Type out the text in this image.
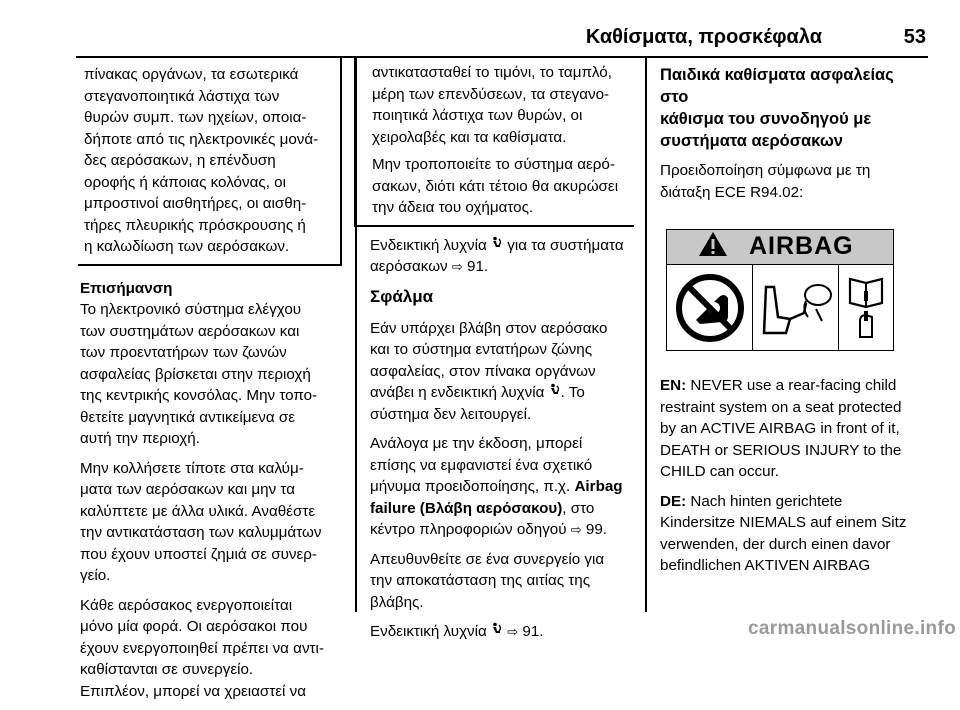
Καθίσματα, προσκέφαλα	53
πίνακας οργάνων, τα εσωτερικά
στεγανοποιητικά λάστιχα των
θυρών συμπ. των ηχείων, οποια-
δήποτε από τις ηλεκτρονικές μονά-
δες αερόσακων, η επένδυση
οροφής ή κάποιας κολόνας, οι
μπροστινοί αισθητήρες, οι αισθη-
τήρες πλευρικής πρόσκρουσης ή
η καλωδίωση των αερόσακων.
Επισήμανση

Το ηλεκτρονικό σύστημα ελέγχου
των συστημάτων αερόσακων και
των προεντατήρων των ζωνών
ασφαλείας βρίσκεται στην περιοχή
της κεντρικής κονσόλας. Μην τοπο-
θετείτε μαγνητικά αντικείμενα σε
αυτή την περιοχή.

Μην κολλήσετε τίποτε στα καλύμ-
ματα των αερόσακων και μην τα
καλύπτετε με άλλα υλικά. Αναθέστε
την αντικατάσταση των καλυμμάτων
που έχουν υποστεί ζημιά σε συνερ-
γείο.

Κάθε αερόσακος ενεργοποιείται
μόνο μία φορά. Οι αερόσακοι που
έχουν ενεργοποιηθεί πρέπει να αντι-
καθίστανται σε συνεργείο.
Επιπλέον, μπορεί να χρειαστεί να

αντικατασταθεί το τιμόνι, το ταμπλό,
μέρη των επενδύσεων, τα στεγανο-
ποιητικά λάστιχα των θυρών, οι
χειρολαβές και τα καθίσματα.

Μην τροποποιείτε το σύστημα αερό-
σακων, διότι κάτι τέτοιο θα ακυρώσει
την άδεια του οχήματος.

Ενδεικτική λυχνία  για τα συστήματα
αερόσακων ⇨ 91.

Σφάλμα

Εάν υπάρχει βλάβη στον αερόσακο
και το σύστημα εντατήρων ζώνης
ασφαλείας, στον πίνακα οργάνων
ανάβει η ενδεικτική λυχνία . Το
σύστημα δεν λειτουργεί.

Ανάλογα με την έκδοση, μπορεί
επίσης να εμφανιστεί ένα σχετικό
μήνυμα προειδοποίησης, π.χ. Airbag
failure (Βλάβη αερόσακου), στο
κέντρο πληροφοριών οδηγού ⇨ 99.

Απευθυνθείτε σε ένα συνεργείο για
την αποκατάσταση της αιτίας της
βλάβης.

Ενδεικτική λυχνία  ⇨ 91.

Παιδικά καθίσματα ασφαλείας στο
κάθισμα του συνοδηγού με
συστήματα αερόσακων

Προειδοποίηση σύμφωνα με τη
διάταξη ECE R94.02:

AIRBAG

EN: NEVER use a rear-facing child
restraint system on a seat protected
by an ACTIVE AIRBAG in front of it,
DEATH or SERIOUS INJURY to the
CHILD can occur.

DE: Nach hinten gerichtete
Kindersitze NIEMALS auf einem Sitz
verwenden, der durch einen davor
befindlichen AKTIVEN AIRBAG

carmanualsonline.info
